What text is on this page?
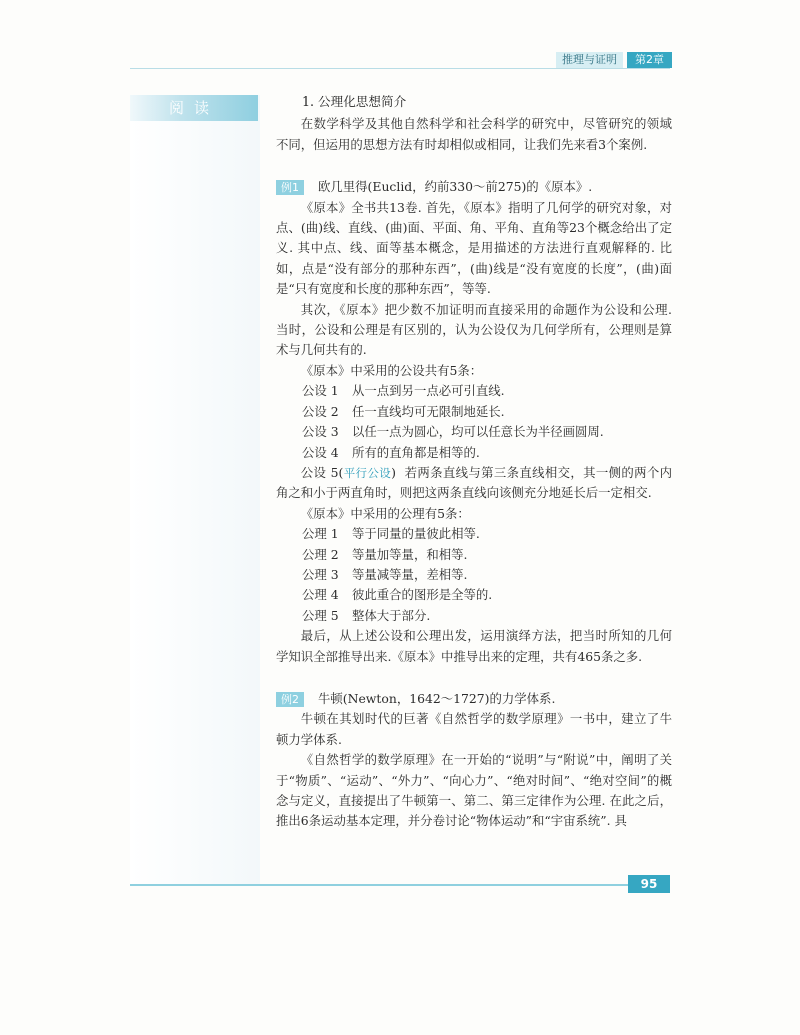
推理与证明	第2章
阅读	1. 公理化思想简介

在数学科学及其他自然科学和社会科学的研究中，尽管研究的领域不同，但运用的思想方法有时却相似或相同，让我们先来看3个案例.

例1	欧几里得(Euclid，约前330～前275)的《原本》.

《原本》全书共13卷. 首先，《原本》指明了几何学的研究对象，对点、(曲)线、直线、(曲)面、平面、角、平角、直角等23个概念给出了定义. 其中点、线、面等基本概念，是用描述的方法进行直观解释的. 比如，点是“没有部分的那种东西”，(曲)线是“没有宽度的长度”，(曲)面是“只有宽度和长度的那种东西”，等等.

其次，《原本》把少数不加证明而直接采用的命题作为公设和公理. 当时，公设和公理是有区别的，认为公设仅为几何学所有，公理则是算术与几何共有的.

《原本》中采用的公设共有5条：

公设 1	从一点到另一点必可引直线.
公设 2	任一直线均可无限制地延长.
公设 3	以任一点为圆心，均可以任意长为半径画圆周.
公设 4	所有的直角都是相等的.

公设 5(平行公设) 若两条直线与第三条直线相交，其一侧的两个内角之和小于两直角时，则把这两条直线向该侧充分地延长后一定相交.

《原本》中采用的公理有5条：

公理 1	等于同量的量彼此相等.
公理 2	等量加等量，和相等.
公理 3	等量减等量，差相等.
公理 4	彼此重合的图形是全等的.
公理 5	整体大于部分.

最后，从上述公设和公理出发，运用演绎方法，把当时所知的几何学知识全部推导出来.《原本》中推导出来的定理，共有465条之多.

例2	牛顿(Newton，1642～1727)的力学体系.

牛顿在其划时代的巨著《自然哲学的数学原理》一书中，建立了牛顿力学体系.

《自然哲学的数学原理》在一开始的“说明”与“附说”中，阐明了关于“物质”、“运动”、“外力”、“向心力”、“绝对时间”、“绝对空间”的概念与定义，直接提出了牛顿第一、第二、第三定律作为公理. 在此之后，推出6条运动基本定理，并分卷讨论“物体运动”和“宇宙系统”. 具

95
